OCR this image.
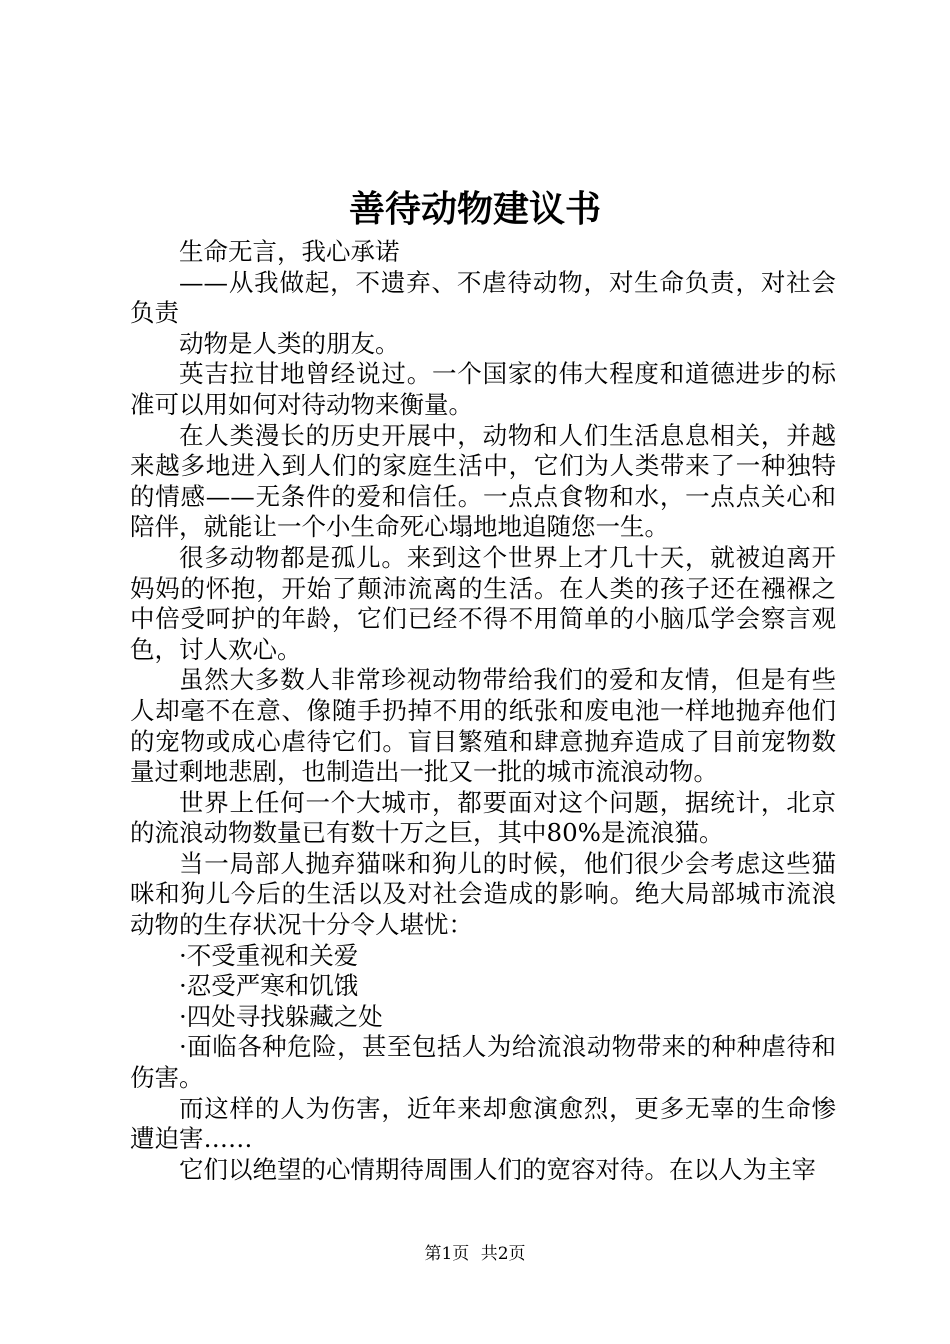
善待动物建议书

生命无言，我心承诺

——从我做起，不遗弃、不虐待动物，对生命负责，对社会负责

动物是人类的朋友。

英吉拉甘地曾经说过。一个国家的伟大程度和道德进步的标准可以用如何对待动物来衡量。

在人类漫长的历史开展中，动物和人们生活息息相关，并越来越多地进入到人们的家庭生活中，它们为人类带来了一种独特的情感——无条件的爱和信任。一点点食物和水，一点点关心和陪伴，就能让一个小生命死心塌地地追随您一生。

很多动物都是孤儿。来到这个世界上才几十天，就被迫离开妈妈的怀抱，开始了颠沛流离的生活。在人类的孩子还在襁褓之中倍受呵护的年龄，它们已经不得不用简单的小脑瓜学会察言观色，讨人欢心。

虽然大多数人非常珍视动物带给我们的爱和友情，但是有些人却毫不在意、像随手扔掉不用的纸张和废电池一样地抛弃他们的宠物或成心虐待它们。盲目繁殖和肆意抛弃造成了目前宠物数量过剩地悲剧，也制造出一批又一批的城市流浪动物。

世界上任何一个大城市，都要面对这个问题，据统计，北京的流浪动物数量已有数十万之巨，其中80%是流浪猫。

当一局部人抛弃猫咪和狗儿的时候，他们很少会考虑这些猫咪和狗儿今后的生活以及对社会造成的影响。绝大局部城市流浪动物的生存状况十分令人堪忧：

·不受重视和关爱

·忍受严寒和饥饿

·四处寻找躲藏之处

·面临各种危险，甚至包括人为给流浪动物带来的种种虐待和伤害。

而这样的人为伤害，近年来却愈演愈烈，更多无辜的生命惨遭迫害……

它们以绝望的心情期待周围人们的宽容对待。在以人为主宰

第1页 共2页
